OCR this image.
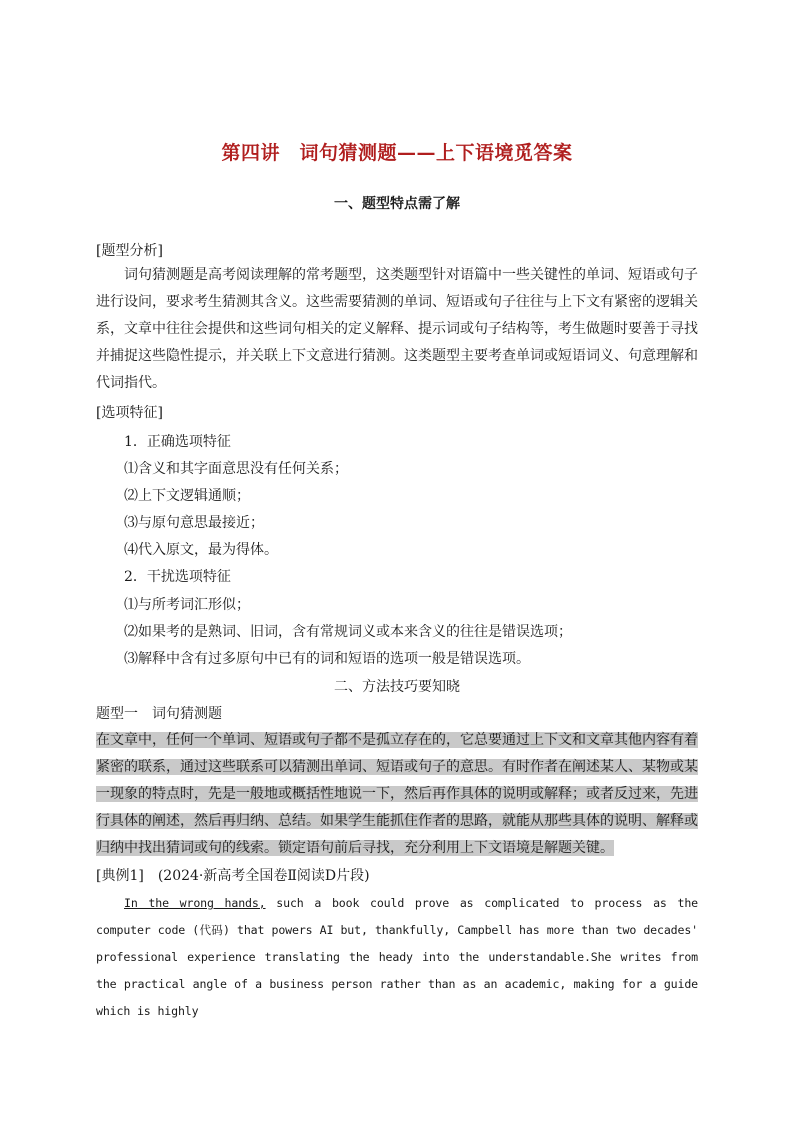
第四讲　词句猜测题——上下语境觅答案
一、题型特点需了解
[题型分析]
词句猜测题是高考阅读理解的常考题型，这类题型针对语篇中一些关键性的单词、短语或句子进行设问，要求考生猜测其含义。这些需要猜测的单词、短语或句子往往与上下文有紧密的逻辑关系，文章中往往会提供和这些词句相关的定义解释、提示词或句子结构等，考生做题时要善于寻找并捕捉这些隐性提示，并关联上下文意进行猜测。这类题型主要考查单词或短语词义、句意理解和代词指代。
[选项特征]
1．正确选项特征
⑴含义和其字面意思没有任何关系；
⑵上下文逻辑通顺；
⑶与原句意思最接近；
⑷代入原文，最为得体。
2．干扰选项特征
⑴与所考词汇形似；
⑵如果考的是熟词、旧词，含有常规词义或本来含义的往往是错误选项；
⑶解释中含有过多原句中已有的词和短语的选项一般是错误选项。
二、方法技巧要知晓
题型一　词句猜测题
在文章中，任何一个单词、短语或句子都不是孤立存在的，它总要通过上下文和文章其他内容有着紧密的联系，通过这些联系可以猜测出单词、短语或句子的意思。有时作者在阐述某人、某物或某一现象的特点时，先是一般地或概括性地说一下，然后再作具体的说明或解释；或者反过来，先进行具体的阐述，然后再归纳、总结。如果学生能抓住作者的思路，就能从那些具体的说明、解释或归纳中找出猜词或句的线索。锁定语句前后寻找，充分利用上下文语境是解题关键。
[典例1]　(2024·新高考全国卷Ⅱ阅读D片段)
In the wrong hands, such a book could prove as complicated to process as the computer code (代码) that powers AI but, thankfully, Campbell has more than two decades' professional experience translating the heady into the understandable.She writes from the practical angle of a business person rather than as an academic, making for a guide which is highly
